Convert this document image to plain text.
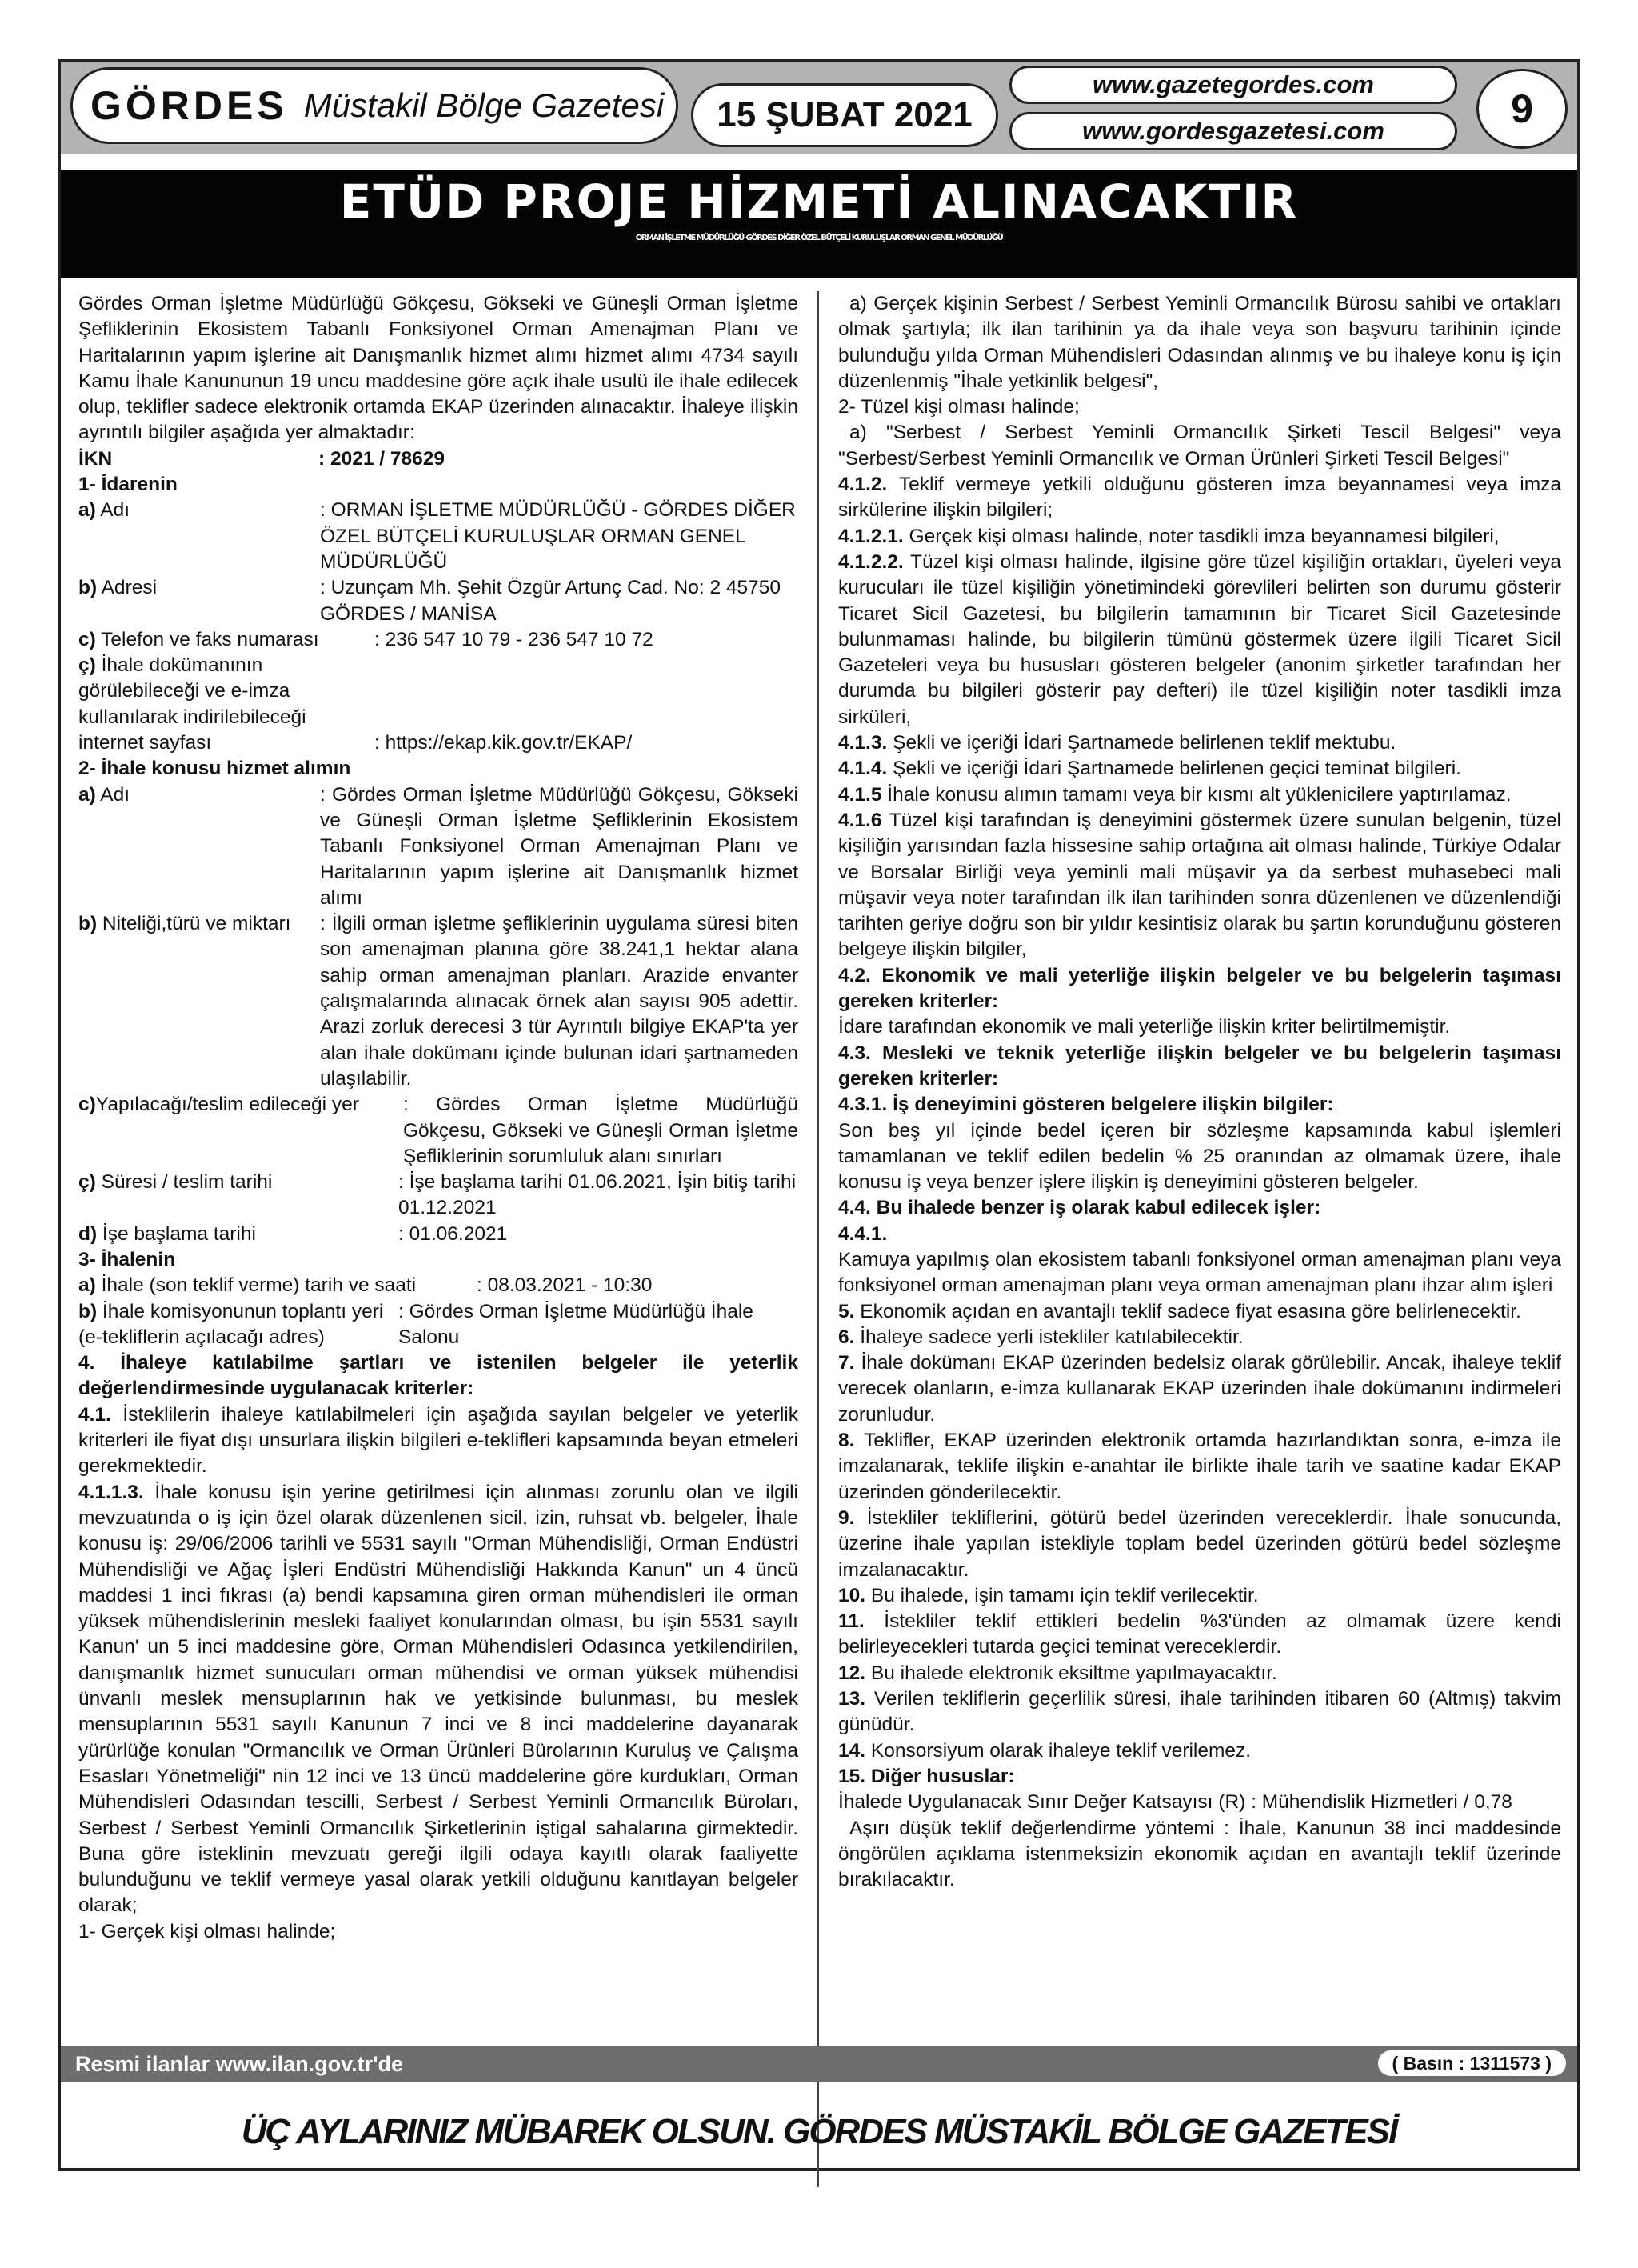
GÖRDES Müstakil Bölge Gazetesi	15 ŞUBAT 2021
www.gazetegordes.com
www.gordesgazetesi.com	9
ETÜD PROJE HİZMETİ ALINACAKTIR
ORMAN İŞLETME MÜDÜRLÜĞÜ-GÖRDES DİĞER ÖZEL BÜTÇELİ KURULUŞLAR ORMAN GENEL MÜDÜRLÜĞÜ
Gördes Orman İşletme Müdürlüğü Gökçesu, Gökseki ve Güneşli Orman İşletme Şefliklerinin Ekosistem Tabanlı Fonksiyonel Orman Amenajman Planı ve Haritalarının yapım işlerine ait Danışmanlık hizmet alımı hizmet alımı 4734 sayılı Kamu İhale Kanununun 19 uncu maddesine göre açık ihale usulü ile ihale edilecek olup, teklifler sadece elektronik ortamda EKAP üzerinden alınacaktır. İhaleye ilişkin ayrıntılı bilgiler aşağıda yer almaktadır:
İKN	: 2021 / 78629
1- İdarenin
a) Adı	: ORMAN İŞLETME MÜDÜRLÜĞÜ - GÖRDES DİĞER ÖZEL BÜTÇELİ KURULUŞLAR ORMAN GENEL MÜDÜRLÜĞÜ
b) Adresi	: Uzunçam Mh. Şehit Özgür Artunç Cad. No: 2 45750 GÖRDES / MANİSA
c) Telefon ve faks numarası	: 236 547 10 79 - 236 547 10 72
ç) İhale dokümanının görülebileceği ve e-imza kullanılarak indirilebileceği internet sayfası	: https://ekap.kik.gov.tr/EKAP/
2- İhale konusu hizmet alımın
a) Adı	: Gördes Orman İşletme Müdürlüğü Gökçesu, Gökseki ve Güneşli Orman İşletme Şefliklerinin Ekosistem Tabanlı Fonksiyonel Orman Amenajman Planı ve Haritalarının yapım işlerine ait Danışmanlık hizmet alımı
b) Niteliği,türü ve miktarı	: İlgili orman işletme şefliklerinin uygulama süresi biten son amenajman planına göre 38.241,1 hektar alana sahip orman amenajman planları. Arazide envanter çalışmalarında alınacak örnek alan sayısı 905 adettir. Arazi zorluk derecesi 3 tür Ayrıntılı bilgiye EKAP'ta yer alan ihale dokümanı içinde bulunan idari şartnameden ulaşılabilir.
c)Yapılacağı/teslim edileceği yer	: Gördes Orman İşletme Müdürlüğü Gökçesu, Gökseki ve Güneşli Orman İşletme Şefliklerinin sorumluluk alanı sınırları
ç) Süresi / teslim tarihi	: İşe başlama tarihi 01.06.2021, İşin bitiş tarihi 01.12.2021
d) İşe başlama tarihi	: 01.06.2021
3- İhalenin
a) İhale (son teklif verme) tarih ve saati	: 08.03.2021 - 10:30
b) İhale komisyonunun toplantı yeri (e-tekliflerin açılacağı adres)
: Gördes Orman İşletme Müdürlüğü İhale Salonu
4. İhaleye katılabilme şartları ve istenilen belgeler ile yeterlik değerlendirmesinde uygulanacak kriterler:
4.1. İsteklilerin ihaleye katılabilmeleri için aşağıda sayılan belgeler ve yeterlik kriterleri ile fiyat dışı unsurlara ilişkin bilgileri e-teklifleri kapsamında beyan etmeleri gerekmektedir.
4.1.1.3. İhale konusu işin yerine getirilmesi için alınması zorunlu olan ve ilgili mevzuatında o iş için özel olarak düzenlenen sicil, izin, ruhsat vb. belgeler, İhale konusu iş: 29/06/2006 tarihli ve 5531 sayılı "Orman Mühendisliği, Orman Endüstri Mühendisliği ve Ağaç İşleri Endüstri Mühendisliği Hakkında Kanun" un 4 üncü maddesi 1 inci fıkrası (a) bendi kapsamına giren orman mühendisleri ile orman yüksek mühendislerinin mesleki faaliyet konularından olması, bu işin 5531 sayılı Kanun' un 5 inci maddesine göre, Orman Mühendisleri Odasınca yetkilendirilen, danışmanlık hizmet sunucuları orman mühendisi ve orman yüksek mühendisi ünvanlı meslek mensuplarının hak ve yetkisinde bulunması, bu meslek mensuplarının 5531 sayılı Kanunun 7 inci ve 8 inci maddelerine dayanarak yürürlüğe konulan "Ormancılık ve Orman Ürünleri Bürolarının Kuruluş ve Çalışma Esasları Yönetmeliği" nin 12 inci ve 13 üncü maddelerine göre kurdukları, Orman Mühendisleri Odasından tescilli, Serbest / Serbest Yeminli Ormancılık Büroları, Serbest / Serbest Yeminli Ormancılık Şirketlerinin iştigal sahalarına girmektedir. Buna göre isteklinin mevzuatı gereği ilgili odaya kayıtlı olarak faaliyette bulunduğunu ve teklif vermeye yasal olarak yetkili olduğunu kanıtlayan belgeler olarak;
1- Gerçek kişi olması halinde;
a) Gerçek kişinin Serbest / Serbest Yeminli Ormancılık Bürosu sahibi ve ortakları olmak şartıyla; ilk ilan tarihinin ya da ihale veya son başvuru tarihinin içinde bulunduğu yılda Orman Mühendisleri Odasından alınmış ve bu ihaleye konu iş için düzenlenmiş "İhale yetkinlik belgesi",
2- Tüzel kişi olması halinde;
a) "Serbest / Serbest Yeminli Ormancılık Şirketi Tescil Belgesi" veya "Serbest/Serbest Yeminli Ormancılık ve Orman Ürünleri Şirketi Tescil Belgesi"
4.1.2. Teklif vermeye yetkili olduğunu gösteren imza beyannamesi veya imza sirkülerine ilişkin bilgileri;
4.1.2.1. Gerçek kişi olması halinde, noter tasdikli imza beyannamesi bilgileri,
4.1.2.2. Tüzel kişi olması halinde, ilgisine göre tüzel kişiliğin ortakları, üyeleri veya kurucuları ile tüzel kişiliğin yönetimindeki görevlileri belirten son durumu gösterir Ticaret Sicil Gazetesi, bu bilgilerin tamamının bir Ticaret Sicil Gazetesinde bulunmaması halinde, bu bilgilerin tümünü göstermek üzere ilgili Ticaret Sicil Gazeteleri veya bu hususları gösteren belgeler (anonim şirketler tarafından her durumda bu bilgileri gösterir pay defteri) ile tüzel kişiliğin noter tasdikli imza sirküleri,
4.1.3. Şekli ve içeriği İdari Şartnamede belirlenen teklif mektubu.
4.1.4. Şekli ve içeriği İdari Şartnamede belirlenen geçici teminat bilgileri.
4.1.5 İhale konusu alımın tamamı veya bir kısmı alt yüklenicilere yaptırılamaz.
4.1.6 Tüzel kişi tarafından iş deneyimini göstermek üzere sunulan belgenin, tüzel kişiliğin yarısından fazla hissesine sahip ortağına ait olması halinde, Türkiye Odalar ve Borsalar Birliği veya yeminli mali müşavir ya da serbest muhasebeci mali müşavir veya noter tarafından ilk ilan tarihinden sonra düzenlenen ve düzenlendiği tarihten geriye doğru son bir yıldır kesintisiz olarak bu şartın korunduğunu gösteren belgeye ilişkin bilgiler,
4.2. Ekonomik ve mali yeterliğe ilişkin belgeler ve bu belgelerin taşıması gereken kriterler:
İdare tarafından ekonomik ve mali yeterliğe ilişkin kriter belirtilmemiştir.
4.3. Mesleki ve teknik yeterliğe ilişkin belgeler ve bu belgelerin taşıması gereken kriterler:
4.3.1. İş deneyimini gösteren belgelere ilişkin bilgiler:
Son beş yıl içinde bedel içeren bir sözleşme kapsamında kabul işlemleri tamamlanan ve teklif edilen bedelin % 25 oranından az olmamak üzere, ihale konusu iş veya benzer işlere ilişkin iş deneyimini gösteren belgeler.
4.4. Bu ihalede benzer iş olarak kabul edilecek işler:
4.4.1.
Kamuya yapılmış olan ekosistem tabanlı fonksiyonel orman amenajman planı veya fonksiyonel orman amenajman planı veya orman amenajman planı ihzar alım işleri
5. Ekonomik açıdan en avantajlı teklif sadece fiyat esasına göre belirlenecektir.
6. İhaleye sadece yerli istekliler katılabilecektir.
7. İhale dokümanı EKAP üzerinden bedelsiz olarak görülebilir. Ancak, ihaleye teklif verecek olanların, e-imza kullanarak EKAP üzerinden ihale dokümanını indirmeleri zorunludur.
8. Teklifler, EKAP üzerinden elektronik ortamda hazırlandıktan sonra, e-imza ile imzalanarak, teklife ilişkin e-anahtar ile birlikte ihale tarih ve saatine kadar EKAP üzerinden gönderilecektir.
9. İstekliler tekliflerini, götürü bedel üzerinden vereceklerdir. İhale sonucunda, üzerine ihale yapılan istekliyle toplam bedel üzerinden götürü bedel sözleşme imzalanacaktır.
10. Bu ihalede, işin tamamı için teklif verilecektir.
11. İstekliler teklif ettikleri bedelin %3'ünden az olmamak üzere kendi belirleyecekleri tutarda geçici teminat vereceklerdir.
12. Bu ihalede elektronik eksiltme yapılmayacaktır.
13. Verilen tekliflerin geçerlilik süresi, ihale tarihinden itibaren 60 (Altmış) takvim günüdür.
14. Konsorsiyum olarak ihaleye teklif verilemez.
15. Diğer hususlar:
İhalede Uygulanacak Sınır Değer Katsayısı (R) : Mühendislik Hizmetleri / 0,78
Aşırı düşük teklif değerlendirme yöntemi : İhale, Kanunun 38 inci maddesinde öngörülen açıklama istenmeksizin ekonomik açıdan en avantajlı teklif üzerinde bırakılacaktır.
Resmi ilanlar www.ilan.gov.tr'de	( Basın : 1311573 )
ÜÇ AYLARINIZ MÜBAREK OLSUN. GÖRDES MÜSTAKİL BÖLGE GAZETESİ
